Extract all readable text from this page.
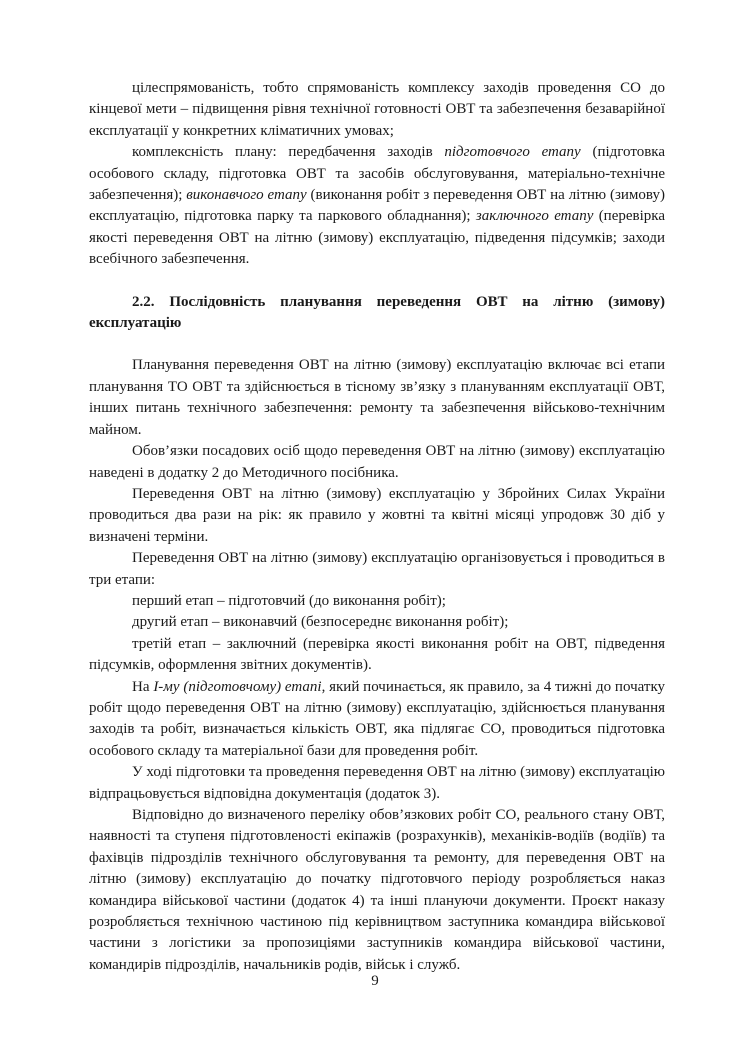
цілеспрямованість, тобто спрямованість комплексу заходів проведення СО до кінцевої мети – підвищення рівня технічної готовності ОВТ та забезпечення безаварійної експлуатації у конкретних кліматичних умовах;

комплексність плану: передбачення заходів підготовчого етапу (підготовка особового складу, підготовка ОВТ та засобів обслуговування, матеріально-технічне забезпечення); виконавчого етапу (виконання робіт з переведення ОВТ на літню (зимову) експлуатацію, підготовка парку та паркового обладнання); заключного етапу (перевірка якості переведення ОВТ на літню (зимову) експлуатацію, підведення підсумків; заходи всебічного забезпечення.

2.2. Послідовність планування переведення ОВТ на літню (зимову) експлуатацію

Планування переведення ОВТ на літню (зимову) експлуатацію включає всі етапи планування ТО ОВТ та здійснюється в тісному зв’язку з плануванням експлуатації ОВТ, інших питань технічного забезпечення: ремонту та забезпечення військово-технічним майном.

Обов’язки посадових осіб щодо переведення ОВТ на літню (зимову) експлуатацію наведені в додатку 2 до Методичного посібника.

Переведення ОВТ на літню (зимову) експлуатацію у Збройних Силах України проводиться два рази на рік: як правило у жовтні та квітні місяці упродовж 30 діб у визначені терміни.

Переведення ОВТ на літню (зимову) експлуатацію організовується і проводиться в три етапи:

перший етап – підготовчий (до виконання робіт);

другий етап – виконавчий (безпосереднє виконання робіт);

третій етап – заключний (перевірка якості виконання робіт на ОВТ, підведення підсумків, оформлення звітних документів).

На І-му (підготовчому) етапі, який починається, як правило, за 4 тижні до початку робіт щодо переведення ОВТ на літню (зимову) експлуатацію, здійснюється планування заходів та робіт, визначається кількість ОВТ, яка підлягає СО, проводиться підготовка особового складу та матеріальної бази для проведення робіт.

У ході підготовки та проведення переведення ОВТ на літню (зимову) експлуатацію відпрацьовується відповідна документація (додаток 3).

Відповідно до визначеного переліку обов’язкових робіт СО, реального стану ОВТ, наявності та ступеня підготовленості екіпажів (розрахунків), механіків-водіїв (водіїв) та фахівців підрозділів технічного обслуговування та ремонту, для переведення ОВТ на літню (зимову) експлуатацію до початку підготовчого періоду розробляється наказ командира військової частини (додаток 4) та інші плануючи документи. Проєкт наказу розробляється технічною частиною під керівництвом заступника командира військової частини з логістики за пропозиціями заступників командира військової частини, командирів підрозділів, начальників родів, військ і служб.

9
